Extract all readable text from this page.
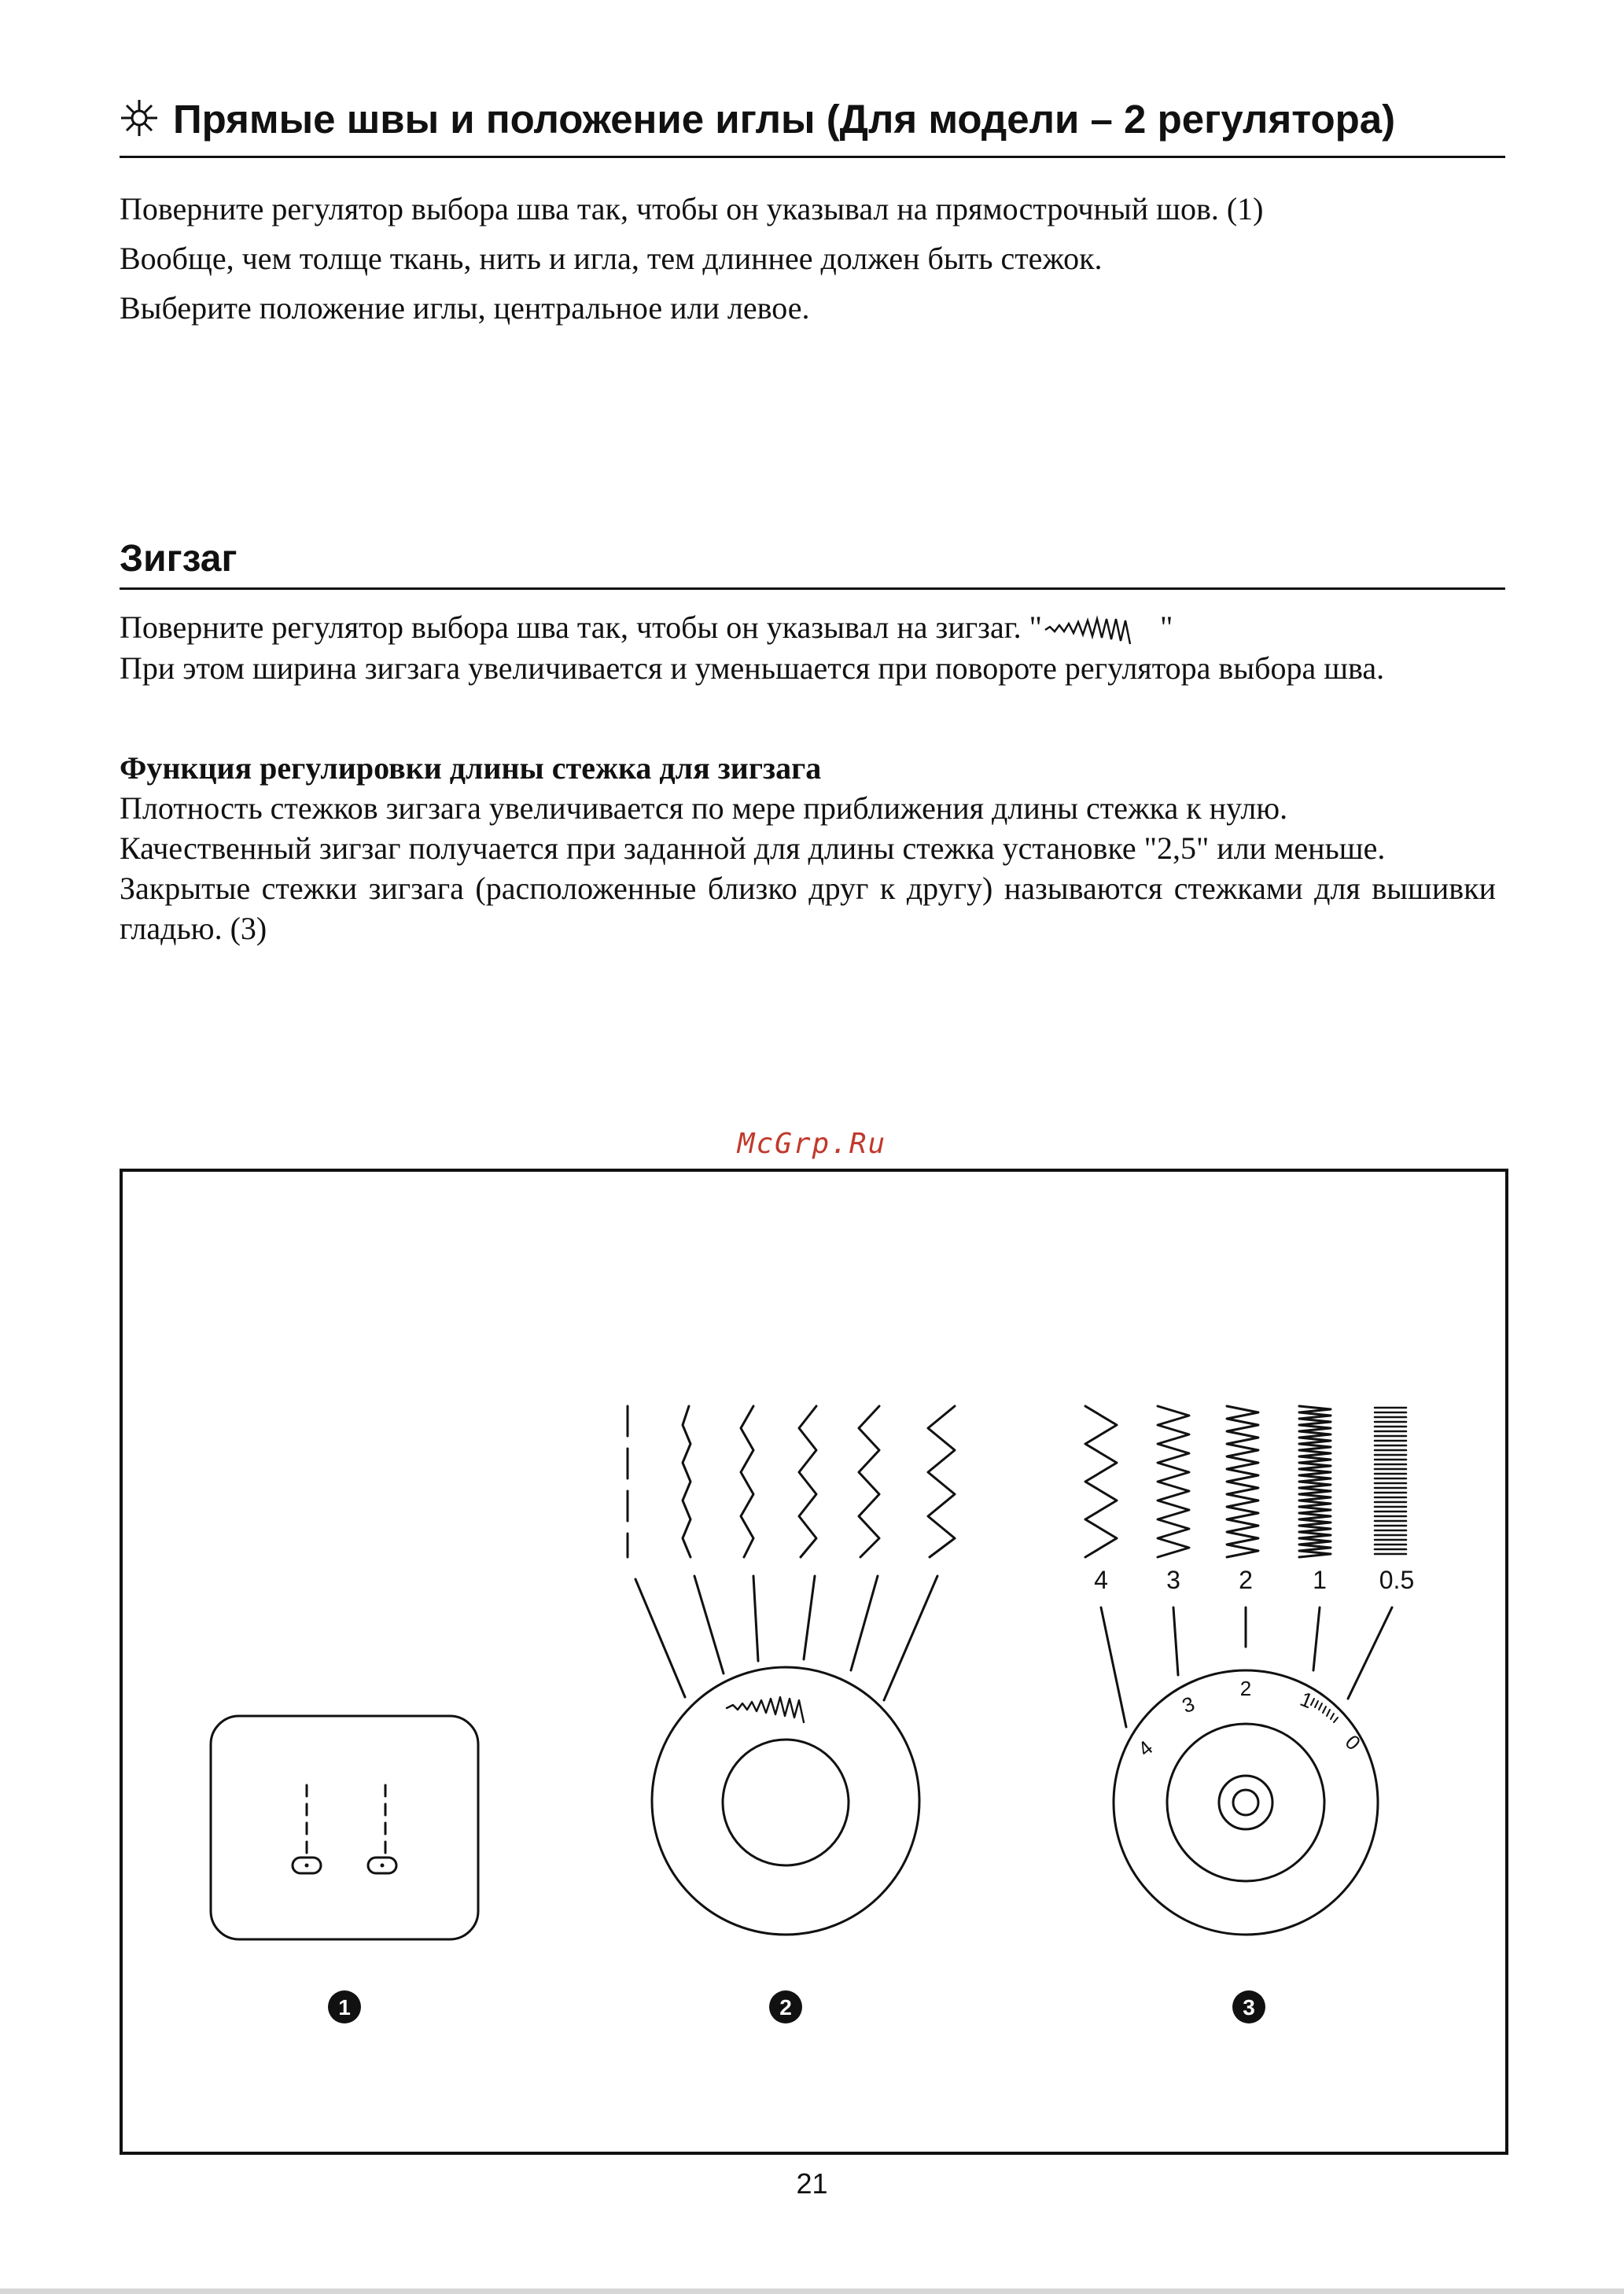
Прямые швы и положение иглы (Для модели – 2 регулятора)

Поверните регулятор выбора шва так, чтобы он указывал на прямострочный шов. (1)

Вообще, чем толще ткань, нить и игла, тем длиннее должен быть стежок.

Выберите положение иглы, центральное или левое.

Зигзаг

Поверните регулятор выбора шва так, чтобы он указывал на зигзаг. "	"

При этом ширина зигзага увеличивается и уменьшается при повороте регулятора выбора шва.

Функция регулировки длины стежка для зигзага

Плотность стежков зигзага увеличивается по мере приближения длины стежка к нулю.

Качественный зигзаг получается при заданной для длины стежка установке "2,5" или меньше.

Закрытые стежки зигзага (расположенные близко друг к другу) называются стежками для вышивки гладью. (3)

McGrp.Ru
4 3 2 1 0.5
4
3
2 1
0
1	2	3
21
